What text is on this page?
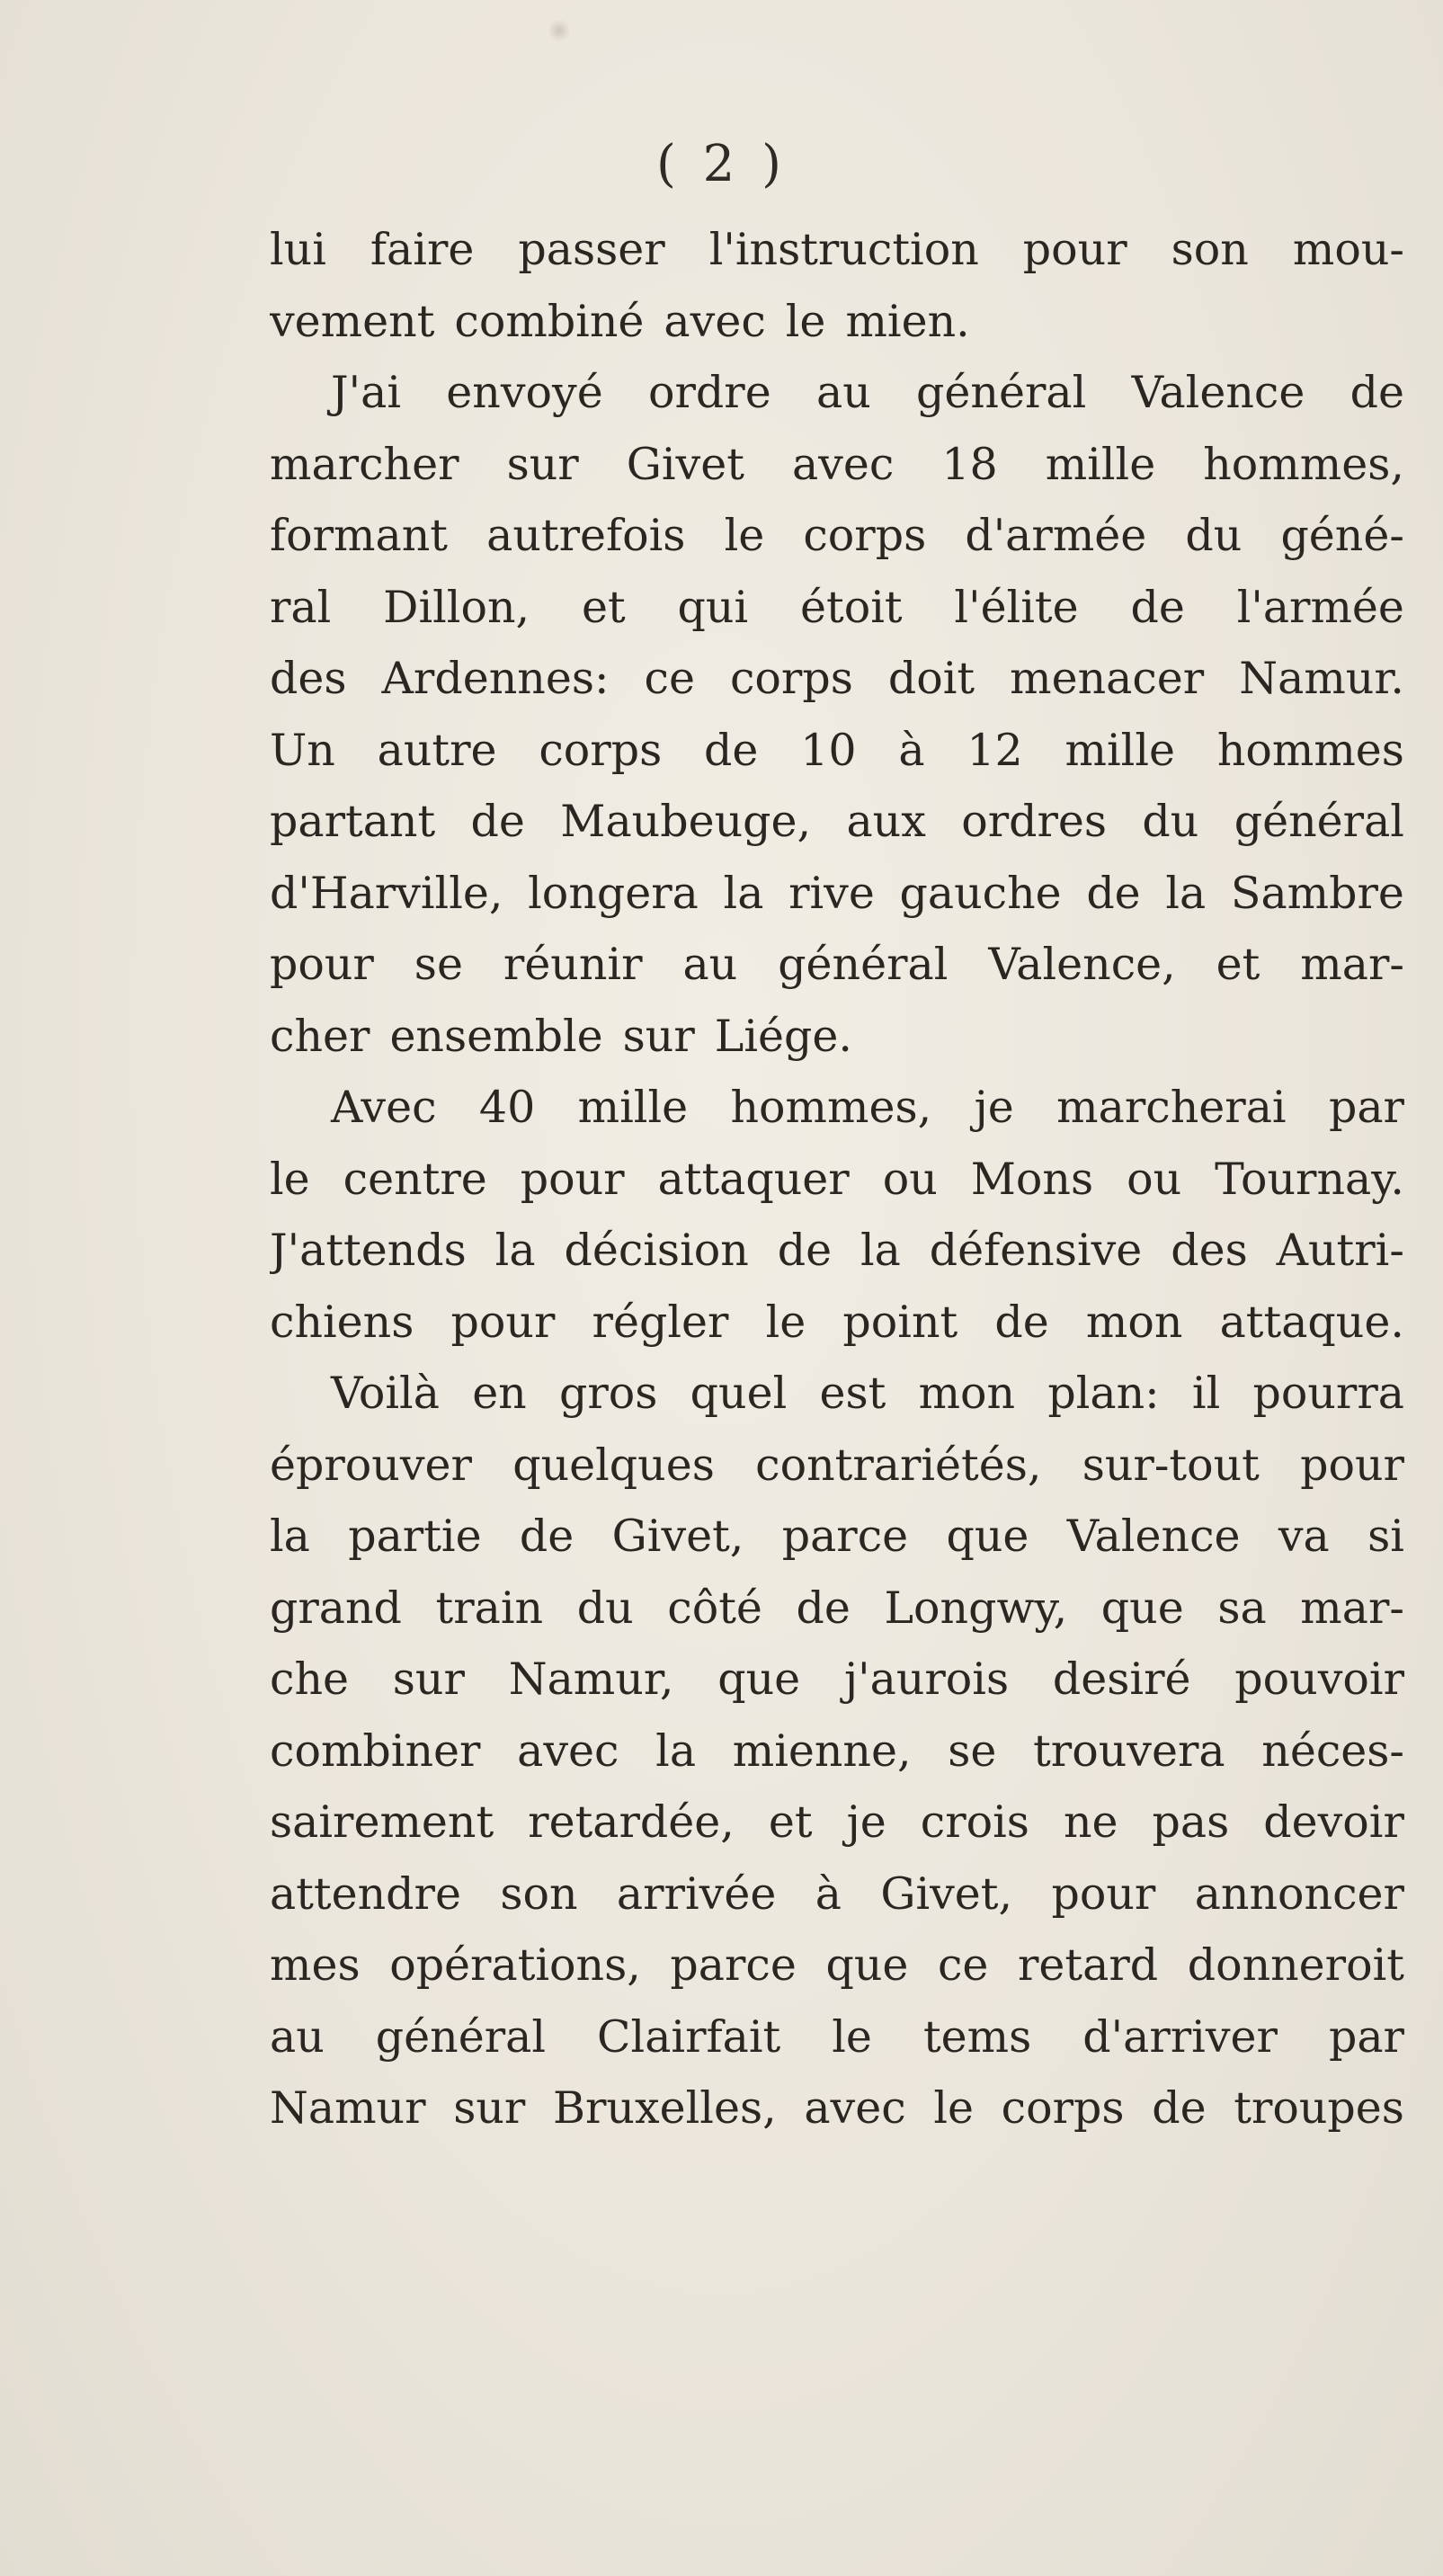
( 2 )
lui faire passer l'instruction pour son mou-
vement combiné avec le mien.
J'ai envoyé ordre au général Valence de
marcher sur Givet avec 18 mille hommes,
formant autrefois le corps d'armée du géné-
ral Dillon, et qui étoit l'élite de l'armée
des Ardennes: ce corps doit menacer Namur.
Un autre corps de 10 à 12 mille hommes
partant de Maubeuge, aux ordres du général
d'Harville, longera la rive gauche de la Sambre
pour se réunir au général Valence, et mar-
cher ensemble sur Liége.
Avec 40 mille hommes, je marcherai par
le centre pour attaquer ou Mons ou Tournay.
J'attends la décision de la défensive des Autri-
chiens pour régler le point de mon attaque.
Voilà en gros quel est mon plan: il pourra
éprouver quelques contrariétés, sur-tout pour
la partie de Givet, parce que Valence va si
grand train du côté de Longwy, que sa mar-
che sur Namur, que j'aurois desiré pouvoir
combiner avec la mienne, se trouvera néces-
sairement retardée, et je crois ne pas devoir
attendre son arrivée à Givet, pour annoncer
mes opérations, parce que ce retard donneroit
au général Clairfait le tems d'arriver par
Namur sur Bruxelles, avec le corps de troupes
